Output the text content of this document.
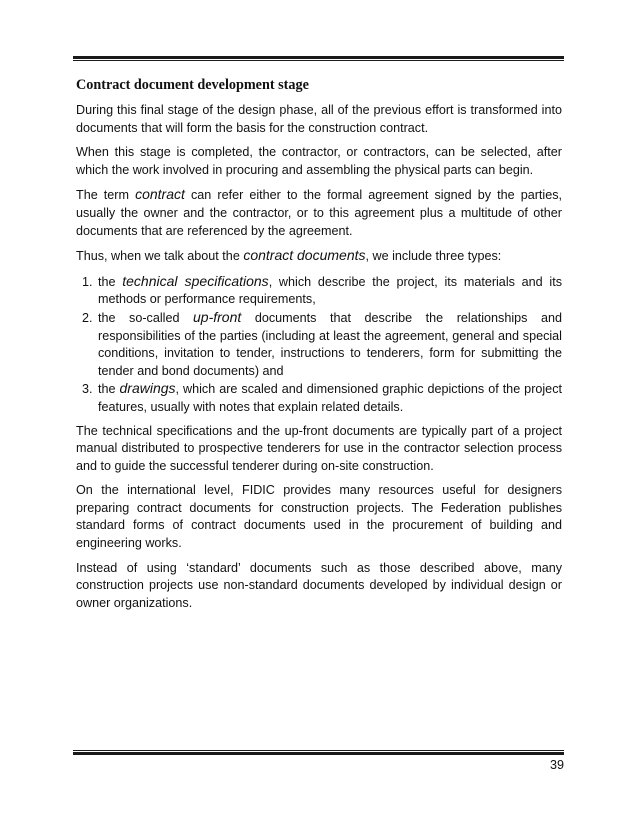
Contract document development stage

During this final stage of the design phase, all of the previous effort is transformed into documents that will form the basis for the construction contract.

When this stage is completed, the contractor, or contractors, can be selected, after which the work involved in procuring and assembling the physical parts can begin.

The term contract can refer either to the formal agreement signed by the parties, usually the owner and the contractor, or to this agreement plus a multitude of other documents that are referenced by the agreement.

Thus, when we talk about the contract documents, we include three types:

1. the technical specifications, which describe the project, its materials and its methods or performance requirements,
2. the so-called up-front documents that describe the relationships and responsibilities of the parties (including at least the agreement, general and special conditions, invitation to tender, instructions to tenderers, form for submitting the tender and bond documents) and
3. the drawings, which are scaled and dimensioned graphic depictions of the project features, usually with notes that explain related details.

The technical specifications and the up-front documents are typically part of a project manual distributed to prospective tenderers for use in the contractor selection process and to guide the successful tenderer during on-site construction.

On the international level, FIDIC provides many resources useful for designers preparing contract documents for construction projects. The Federation publishes standard forms of contract documents used in the procurement of building and engineering works.

Instead of using ‘standard’ documents such as those described above, many construction projects use non-standard documents developed by individual design or owner organizations.

39
